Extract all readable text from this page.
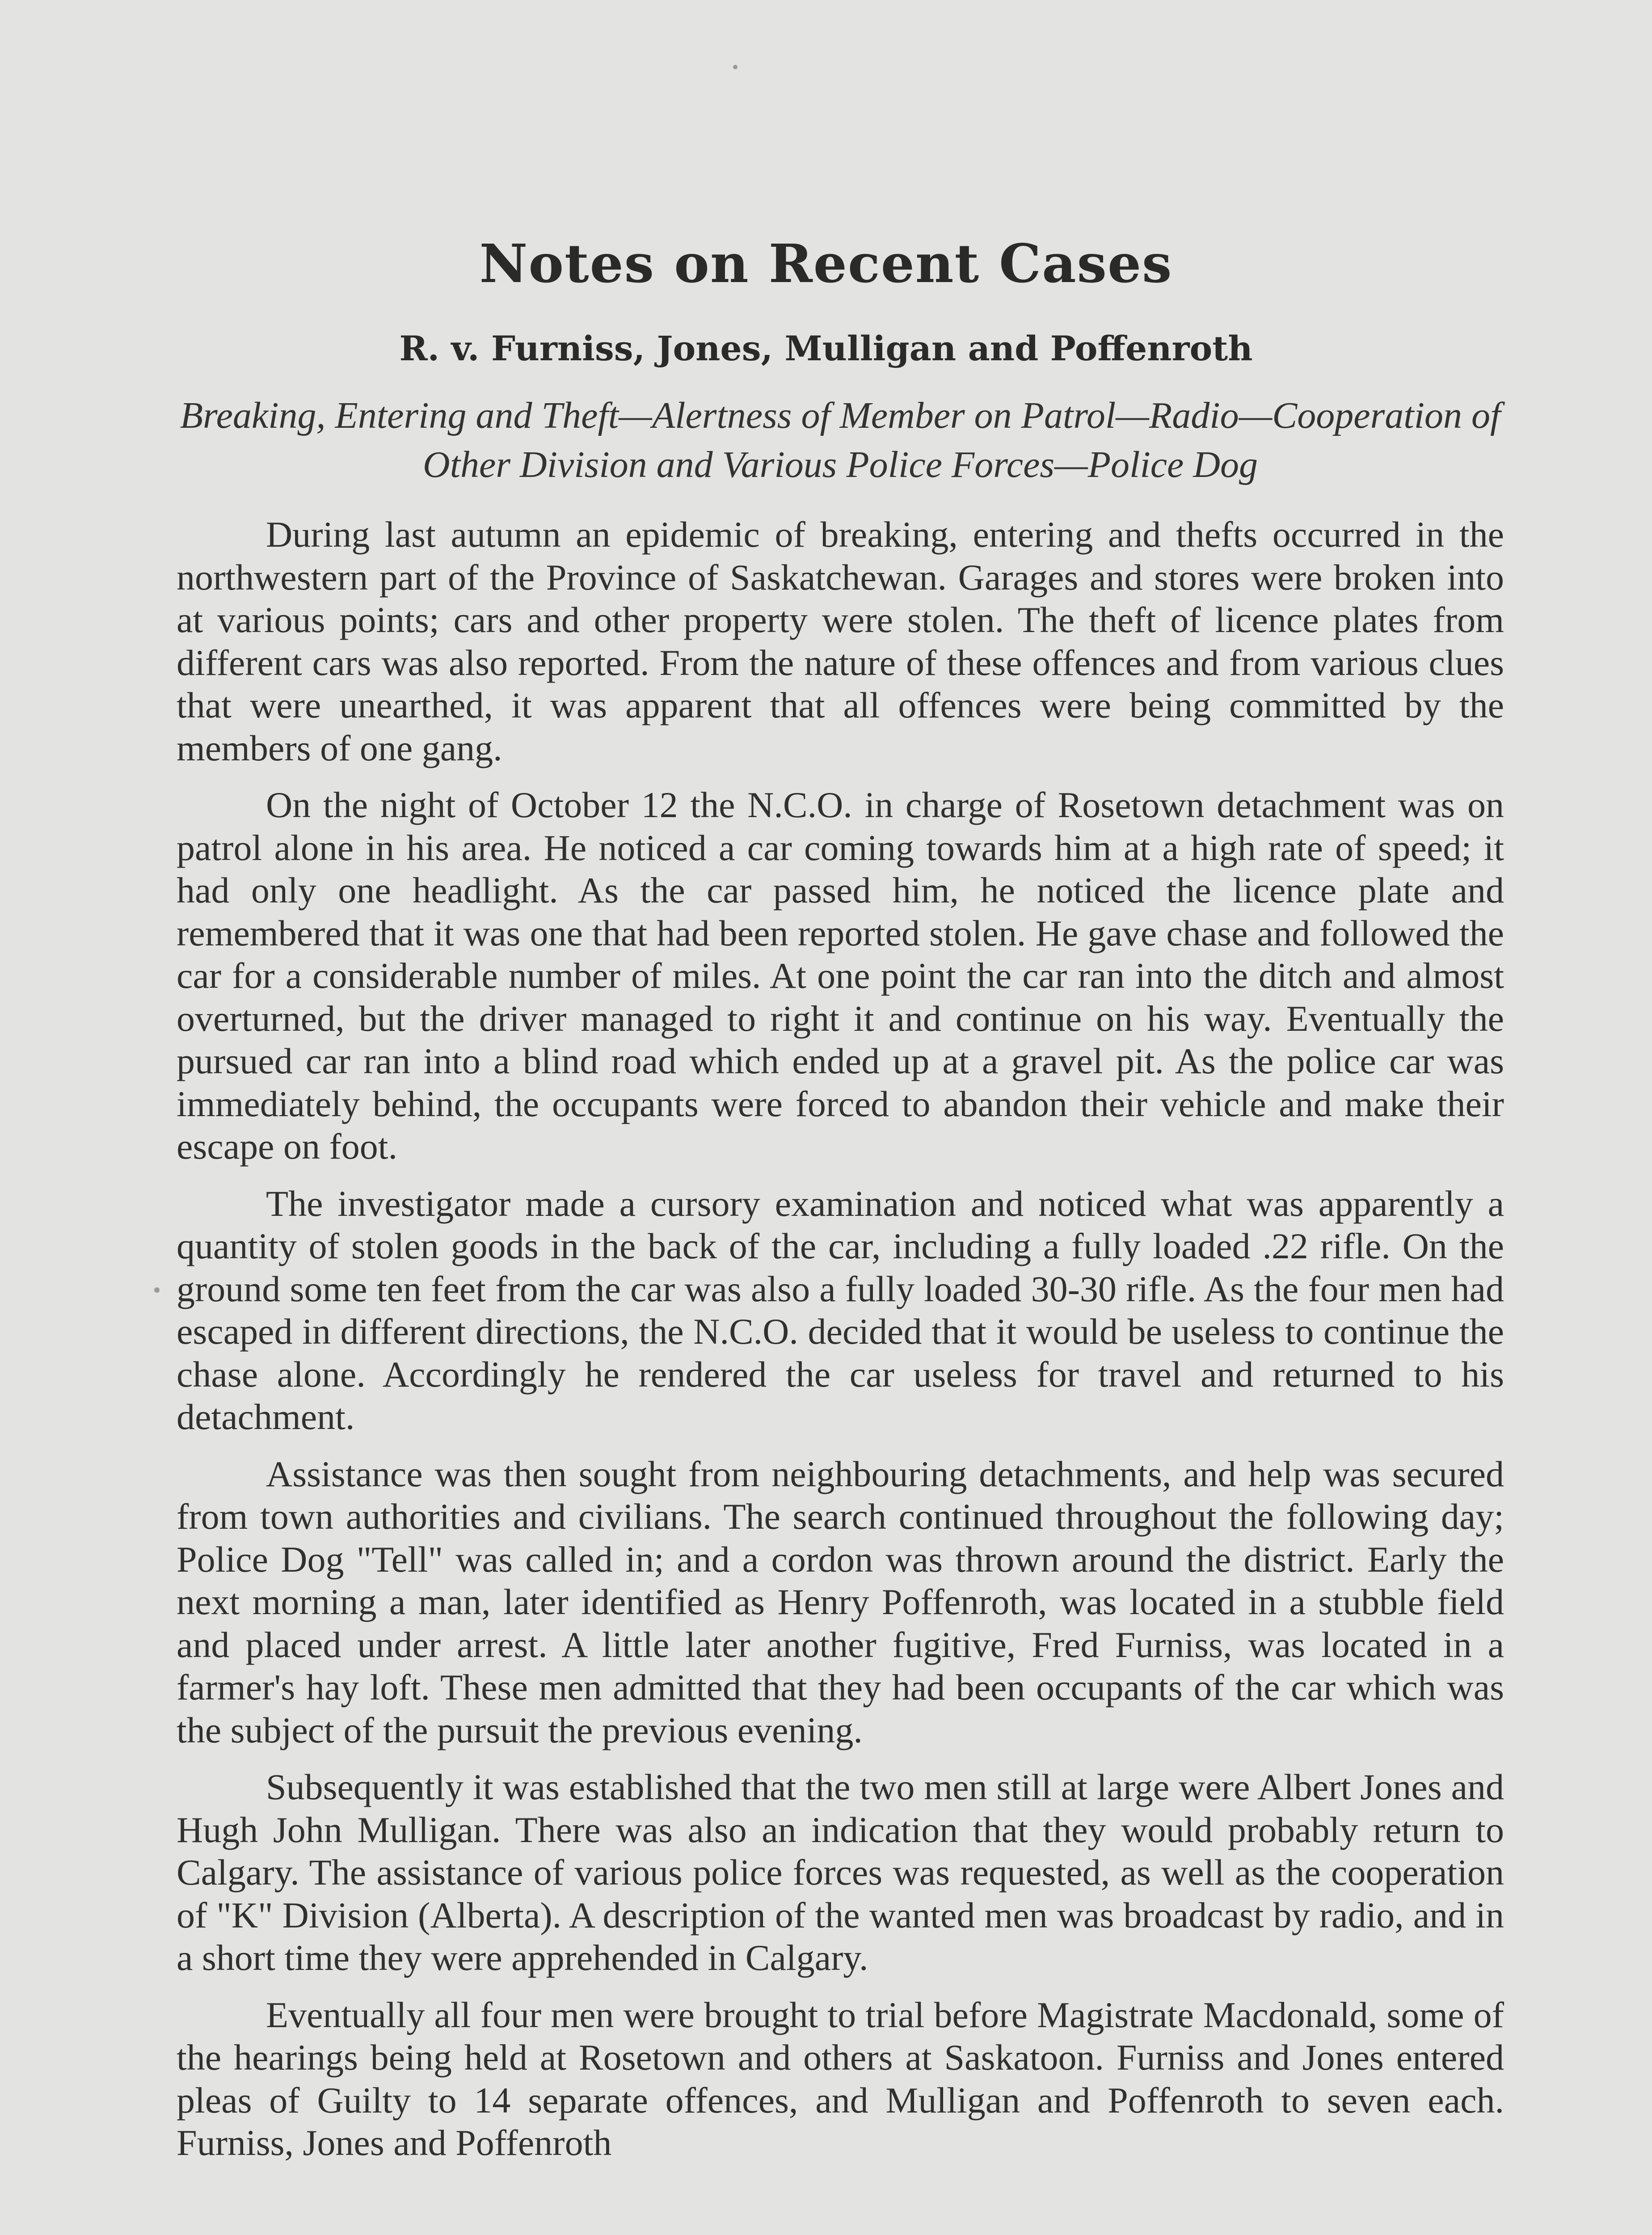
Notes on Recent Cases
R. v. Furniss, Jones, Mulligan and Poffenroth
Breaking, Entering and Theft—Alertness of Member on Patrol—Radio—Cooperation of Other Division and Various Police Forces—Police Dog

During last autumn an epidemic of breaking, entering and thefts occurred in the northwestern part of the Province of Saskatchewan. Garages and stores were broken into at various points; cars and other property were stolen. The theft of licence plates from different cars was also reported. From the nature of these offences and from various clues that were unearthed, it was apparent that all offences were being committed by the members of one gang.

On the night of October 12 the N.C.O. in charge of Rosetown detachment was on patrol alone in his area. He noticed a car coming towards him at a high rate of speed; it had only one headlight. As the car passed him, he noticed the licence plate and remembered that it was one that had been reported stolen. He gave chase and followed the car for a considerable number of miles. At one point the car ran into the ditch and almost overturned, but the driver managed to right it and continue on his way. Eventually the pursued car ran into a blind road which ended up at a gravel pit. As the police car was immediately behind, the occupants were forced to abandon their vehicle and make their escape on foot.

The investigator made a cursory examination and noticed what was apparently a quantity of stolen goods in the back of the car, including a fully loaded .22 rifle. On the ground some ten feet from the car was also a fully loaded 30-30 rifle. As the four men had escaped in different directions, the N.C.O. decided that it would be useless to continue the chase alone. Accordingly he rendered the car useless for travel and returned to his detachment.

Assistance was then sought from neighbouring detachments, and help was secured from town authorities and civilians. The search continued throughout the following day; Police Dog "Tell" was called in; and a cordon was thrown around the district. Early the next morning a man, later identified as Henry Poffenroth, was located in a stubble field and placed under arrest. A little later another fugitive, Fred Furniss, was located in a farmer's hay loft. These men admitted that they had been occupants of the car which was the subject of the pursuit the previous evening.

Subsequently it was established that the two men still at large were Albert Jones and Hugh John Mulligan. There was also an indication that they would probably return to Calgary. The assistance of various police forces was requested, as well as the cooperation of "K" Division (Alberta). A description of the wanted men was broadcast by radio, and in a short time they were apprehended in Calgary.

Eventually all four men were brought to trial before Magistrate Macdonald, some of the hearings being held at Rosetown and others at Saskatoon. Furniss and Jones entered pleas of Guilty to 14 separate offences, and Mulligan and Poffenroth to seven each. Furniss, Jones and Poffenroth
